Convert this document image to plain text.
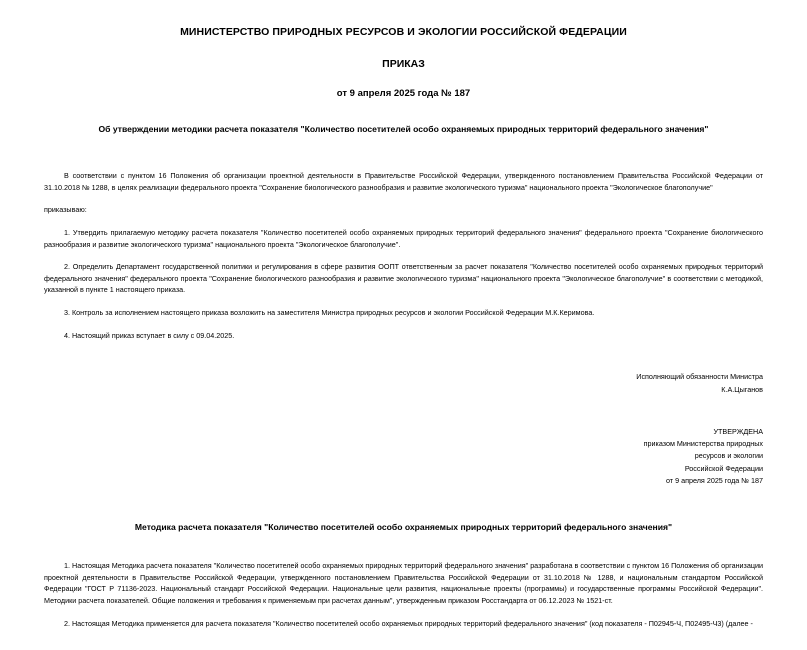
МИНИСТЕРСТВО ПРИРОДНЫХ РЕСУРСОВ И ЭКОЛОГИИ РОССИЙСКОЙ ФЕДЕРАЦИИ
ПРИКАЗ
от 9 апреля 2025 года № 187
Об утверждении методики расчета показателя "Количество посетителей особо охраняемых природных территорий федерального значения"

В соответствии с пунктом 16 Положения об организации проектной деятельности в Правительстве Российской Федерации, утвержденного постановлением Правительства Российской Федерации от 31.10.2018 № 1288, в целях реализации федерального проекта "Сохранение биологического разнообразия и развитие экологического туризма" национального проекта "Экологическое благополучие"

приказываю:

1. Утвердить прилагаемую методику расчета показателя "Количество посетителей особо охраняемых природных территорий федерального значения" федерального проекта "Сохранение биологического разнообразия и развитие экологического туризма" национального проекта "Экологическое благополучие".

2. Определить Департамент государственной политики и регулирования в сфере развития ООПТ ответственным за расчет показателя "Количество посетителей особо охраняемых природных территорий федерального значения" федерального проекта "Сохранение биологического разнообразия и развитие экологического туризма" национального проекта "Экологическое благополучие" в соответствии с методикой, указанной в пункте 1 настоящего приказа.

3. Контроль за исполнением настоящего приказа возложить на заместителя Министра природных ресурсов и экологии Российской Федерации М.К.Керимова.

4. Настоящий приказ вступает в силу с 09.04.2025.

Исполняющий обязанности Министра
К.А.Цыганов
УТВЕРЖДЕНА
приказом Министерства природных
ресурсов и экологии
Российской Федерации
от 9 апреля 2025 года № 187
Методика расчета показателя "Количество посетителей особо охраняемых природных территорий федерального значения"

1. Настоящая Методика расчета показателя "Количество посетителей особо охраняемых природных территорий федерального значения" разработана в соответствии с пунктом 16 Положения об организации проектной деятельности в Правительстве Российской Федерации, утвержденного постановлением Правительства Российской Федерации от 31.10.2018 № 1288, и национальным стандартом Российской Федерации "ГОСТ Р 71136-2023. Национальный стандарт Российской Федерации. Национальные цели развития, национальные проекты (программы) и государственные программы Российской Федерации". Методики расчета показателей. Общие положения и требования к применяемым при расчетах данным", утвержденным приказом Росстандарта от 06.12.2023 № 1521-ст.

2. Настоящая Методика применяется для расчета показателя "Количество посетителей особо охраняемых природных территорий федерального значения" (код показателя - П02945-Ч, П02495-Ч3) (далее -
